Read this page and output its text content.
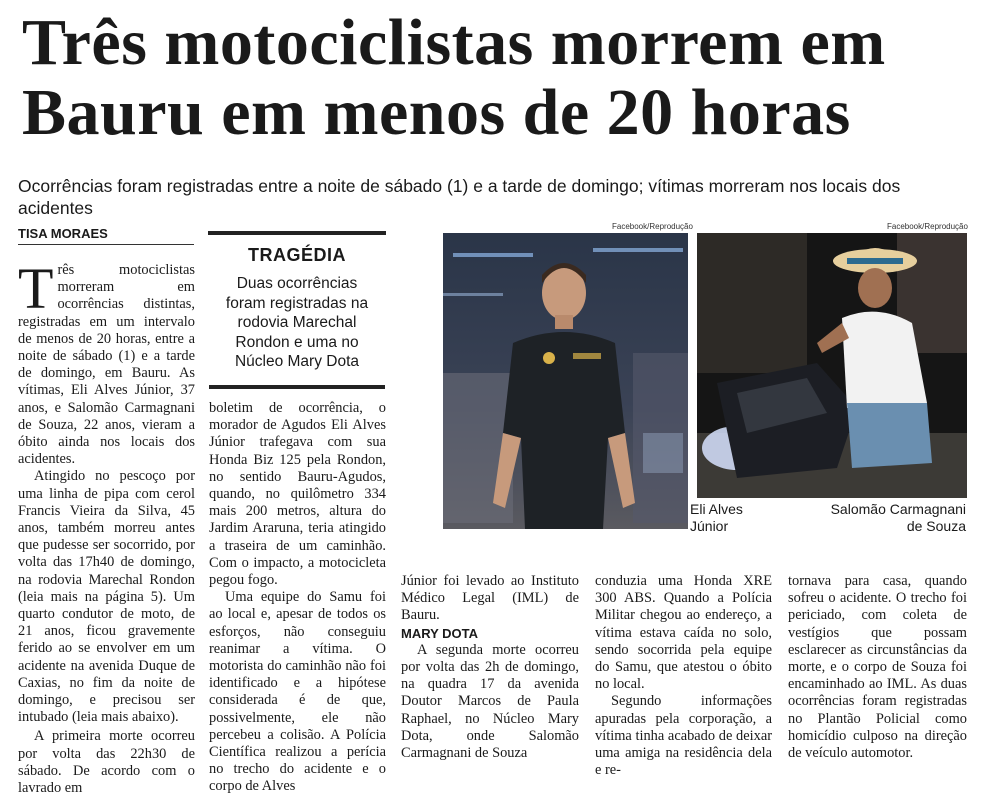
Três motociclistas morrem em Bauru em menos de 20 horas

Ocorrências foram registradas entre a noite de sábado (1) e a tarde de domingo; vítimas morreram nos locais dos acidentes

TISA MORAES

Três motociclistas morreram em ocorrências distintas, registradas em um intervalo de menos de 20 horas, entre a noite de sábado (1) e a tarde de domingo, em Bauru. As vítimas, Eli Alves Júnior, 37 anos, e Salomão Carmagnani de Souza, 22 anos, vieram a óbito ainda nos locais dos acidentes.

Atingido no pescoço por uma linha de pipa com cerol Francis Vieira da Silva, 45 anos, também morreu antes que pudesse ser socorrido, por volta das 17h40 de domingo, na rodovia Marechal Rondon (leia mais na página 5). Um quarto condutor de moto, de 21 anos, ficou gravemente ferido ao se envolver em um acidente na avenida Duque de Caxias, no fim da noite de domingo, e precisou ser intubado (leia mais abaixo).

A primeira morte ocorreu por volta das 22h30 de sábado. De acordo com o lavrado em

TRAGÉDIA
Duas ocorrências foram registradas na rodovia Marechal Rondon e uma no Núcleo Mary Dota

boletim de ocorrência, o morador de Agudos Eli Alves Júnior trafegava com sua Honda Biz 125 pela Rondon, no sentido Bauru-Agudos, quando, no quilômetro 334 mais 200 metros, altura do Jardim Araruna, teria atingido a traseira de um caminhão. Com o impacto, a motocicleta pegou fogo.

Uma equipe do Samu foi ao local e, apesar de todos os esforços, não conseguiu reanimar a vítima. O motorista do caminhão não foi identificado e a hipótese considerada é de que, possivelmente, ele não percebeu a colisão. A Polícia Científica realizou a perícia no trecho do acidente e o corpo de Alves

Facebook/Reprodução	Facebook/Reprodução
Eli Alves Júnior
Salomão Carmagnani de Souza

Júnior foi levado ao Instituto Médico Legal (IML) de Bauru.

MARY DOTA

A segunda morte ocorreu por volta das 2h de domingo, na quadra 17 da avenida Doutor Marcos de Paula Raphael, no Núcleo Mary Dota, onde Salomão Carmagnani de Souza

conduzia uma Honda XRE 300 ABS. Quando a Polícia Militar chegou ao endereço, a vítima estava caída no solo, sendo socorrida pela equipe do Samu, que atestou o óbito no local.

Segundo informações apuradas pela corporação, a vítima tinha acabado de deixar uma amiga na residência dela e re-

tornava para casa, quando sofreu o acidente. O trecho foi periciado, com coleta de vestígios que possam esclarecer as circunstâncias da morte, e o corpo de Souza foi encaminhado ao IML. As duas ocorrências foram registradas no Plantão Policial como homicídio culposo na direção de veículo automotor.
